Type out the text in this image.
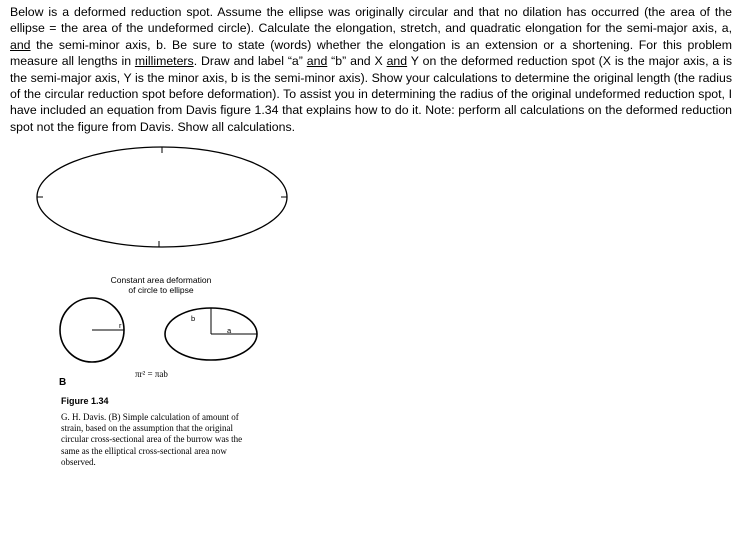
Below is a deformed reduction spot. Assume the ellipse was originally circular and that no dilation has occurred (the area of the ellipse = the area of the undeformed circle). Calculate the elongation, stretch, and quadratic elongation for the semi-major axis, a, and the semi-minor axis, b. Be sure to state (words) whether the elongation is an extension or a shortening. For this problem measure all lengths in millimeters. Draw and label “a” and “b” and X and Y on the deformed reduction spot (X is the major axis, a is the semi-major axis, Y is the minor axis, b is the semi-minor axis). Show your calculations to determine the original length (the radius of the circular reduction spot before deformation). To assist you in determining the radius of the original undeformed reduction spot, I have included an equation from Davis figure 1.34 that explains how to do it. Note: perform all calculations on the deformed reduction spot not the figure from Davis. Show all calculations.

Constant area deformation
of circle to ellipse
r
b
a
πr² = πab
B
Figure 1.34
G. H. Davis. (B) Simple calculation of amount of strain, based on the assumption that the original circular cross-sectional area of the burrow was the same as the elliptical cross-sectional area now observed.
